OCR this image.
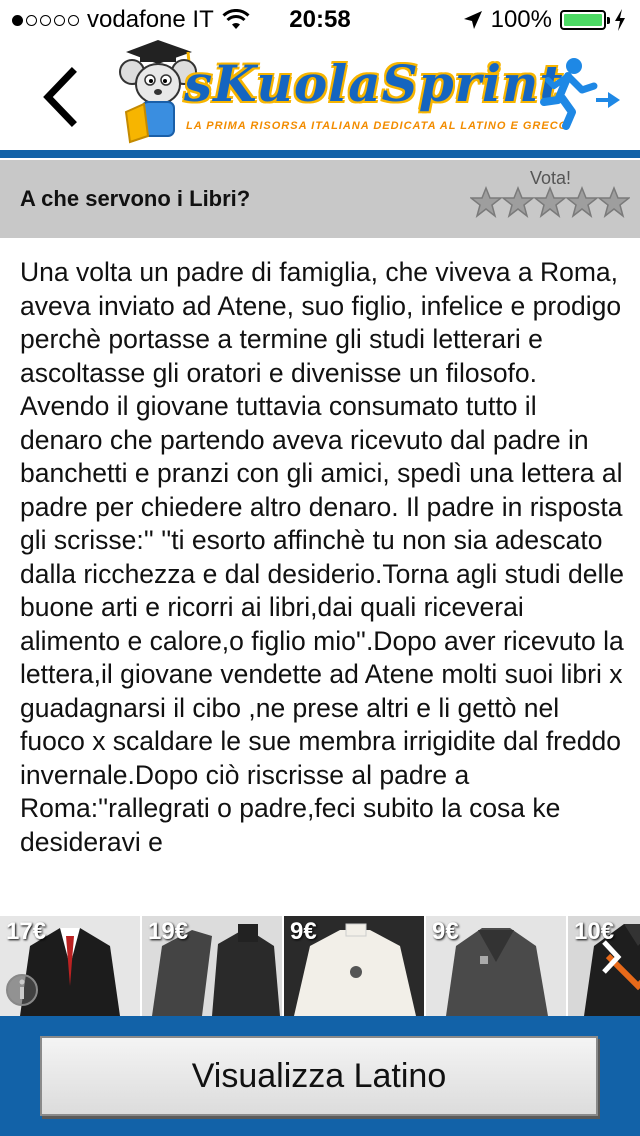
vodafone IT	20:58	100%
sKuolaSprint
LA PRIMA RISORSA ITALIANA DEDICATA AL LATINO E GRECO
A che servono i Libri?
Vota!
Una volta un padre di famiglia, che viveva a Roma, aveva inviato ad Atene, suo figlio, infelice e prodigo perchè portasse a termine gli studi letterari e ascoltasse gli oratori e divenisse un filosofo. Avendo il giovane tuttavia consumato tutto il denaro che partendo aveva ricevuto dal padre in banchetti e pranzi con gli amici, spedì una lettera al padre per chiedere altro denaro. Il padre in risposta gli scrisse:'' ''ti esorto affinchè tu non sia adescato dalla ricchezza e dal desiderio.Torna agli studi delle buone arti e ricorri ai libri,dai quali riceverai alimento e calore,o figlio mio''.Dopo aver ricevuto la lettera,il giovane vendette ad Atene molti suoi libri x guadagnarsi il cibo ,ne prese altri e li gettò nel fuoco x scaldare le sue membra irrigidite dal freddo invernale.Dopo ciò riscrisse al padre a Roma:''rallegrati o padre,feci subito la cosa ke desideravi e
17€	19€	9€	9€	10€
Visualizza Latino
